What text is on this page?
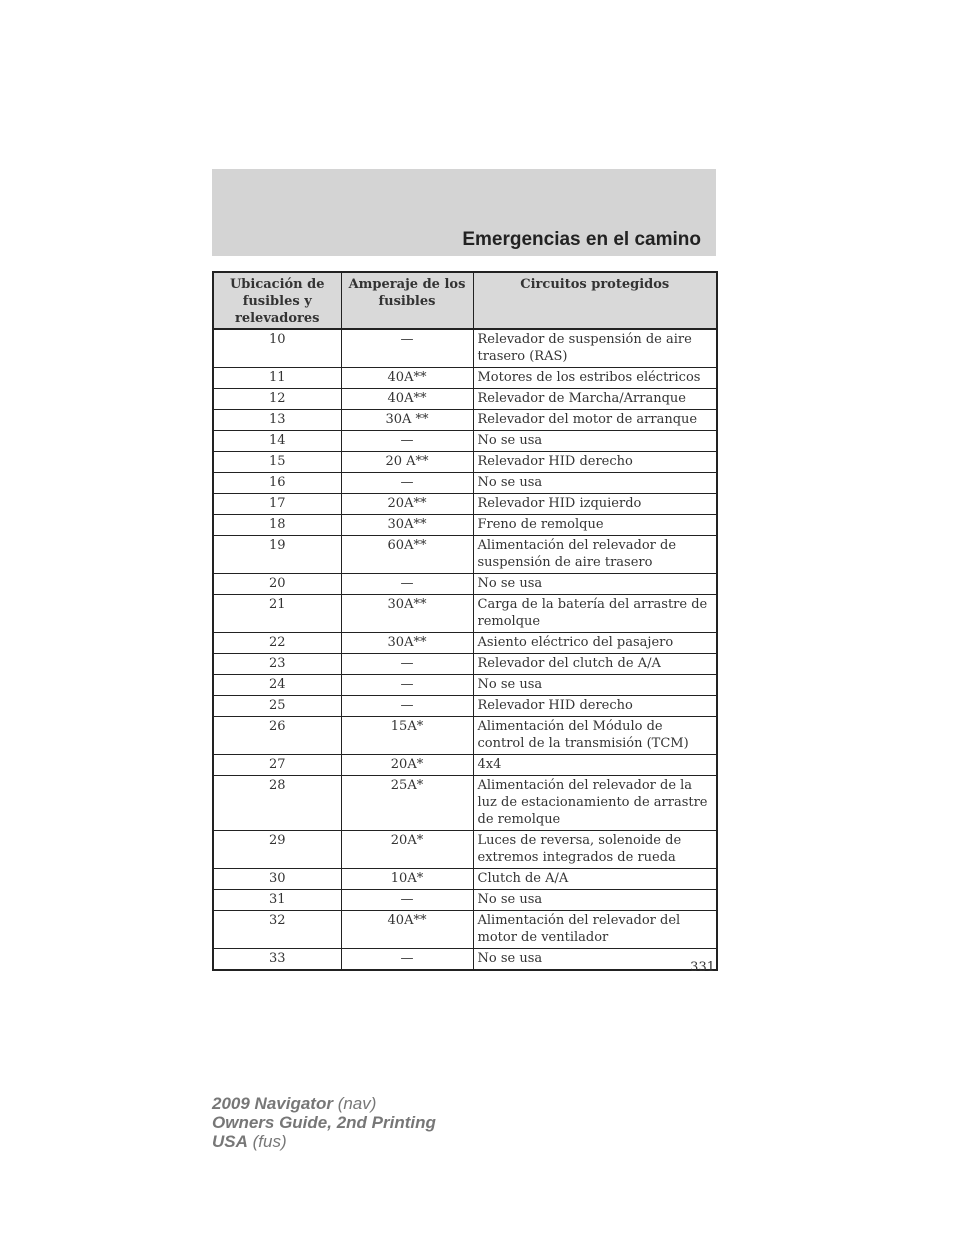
Emergencias en el camino
Ubicación de fusibles y relevadores	Amperaje de los fusibles	Circuitos protegidos
10	—	Relevador de suspensión de aire trasero (RAS)
11	40A**	Motores de los estribos eléctricos
12	40A**	Relevador de Marcha/Arranque
13	30A **	Relevador del motor de arranque
14	—	No se usa
15	20 A**	Relevador HID derecho
16	—	No se usa
17	20A**	Relevador HID izquierdo
18	30A**	Freno de remolque
19	60A**	Alimentación del relevador de suspensión de aire trasero
20	—	No se usa
21	30A**	Carga de la batería del arrastre de remolque
22	30A**	Asiento eléctrico del pasajero
23	—	Relevador del clutch de A/A
24	—	No se usa
25	—	Relevador HID derecho
26	15A*	Alimentación del Módulo de control de la transmisión (TCM)
27	20A*	4x4
28	25A*	Alimentación del relevador de la luz de estacionamiento de arrastre de remolque
29	20A*	Luces de reversa, solenoide de extremos integrados de rueda
30	10A*	Clutch de A/A
31	—	No se usa
32	40A**	Alimentación del relevador del motor de ventilador
33	—	No se usa
331
2009 Navigator (nav)
Owners Guide, 2nd Printing
USA (fus)
